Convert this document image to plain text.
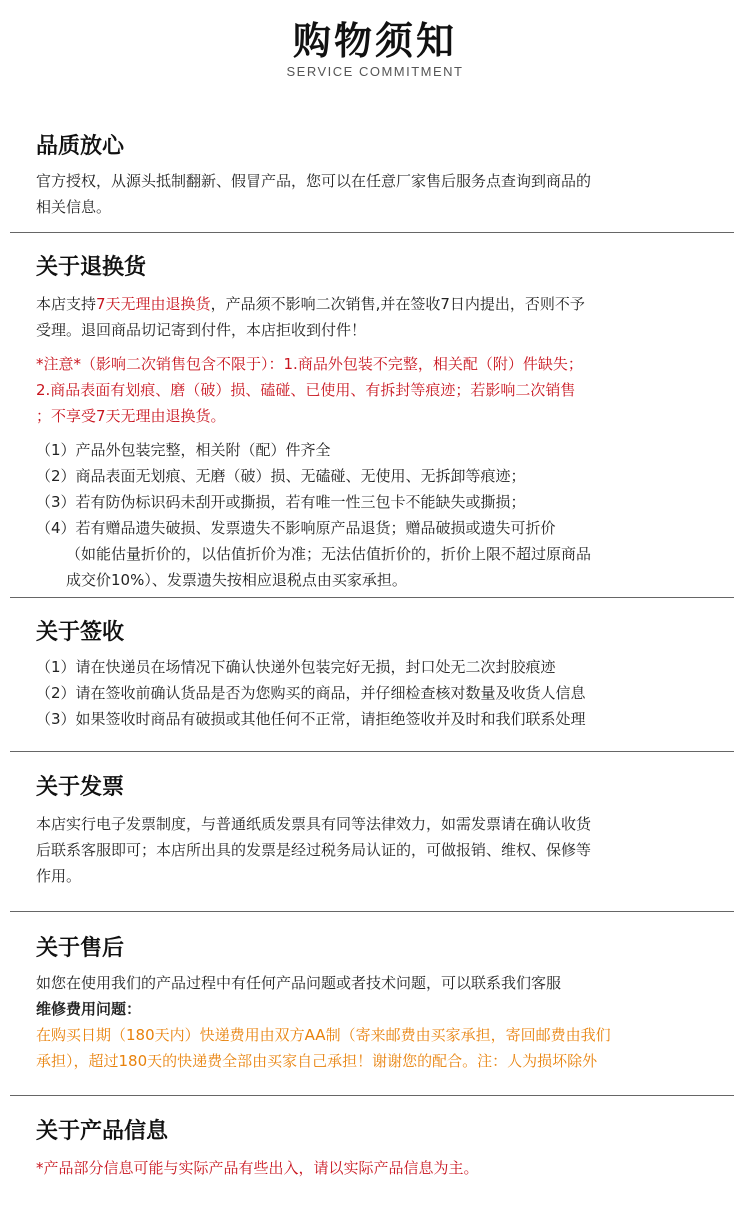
购物须知
SERVICE COMMITMENT
品质放心

官方授权，从源头抵制翻新、假冒产品，您可以在任意厂家售后服务点查询到商品的

相关信息。

关于退换货

本店支持7天无理由退换货，产品须不影响二次销售,并在签收7日内提出，否则不予

受理。退回商品切记寄到付件，本店拒收到付件！

*注意*（影响二次销售包含不限于）：1.商品外包装不完整，相关配（附）件缺失；

2.商品表面有划痕、磨（破）损、磕碰、已使用、有拆封等痕迹；若影响二次销售

；不享受7天无理由退换货。

（1）产品外包装完整，相关附（配）件齐全

（2）商品表面无划痕、无磨（破）损、无磕碰、无使用、无拆卸等痕迹；

（3）若有防伪标识码未刮开或撕损，若有唯一性三包卡不能缺失或撕损；

（4）若有赠品遗失破损、发票遗失不影响原产品退货；赠品破损或遗失可折价

（如能估量折价的，以估值折价为准；无法估值折价的，折价上限不超过原商品

成交价10%）、发票遗失按相应退税点由买家承担。

关于签收

（1）请在快递员在场情况下确认快递外包装完好无损，封口处无二次封胶痕迹

（2）请在签收前确认货品是否为您购买的商品，并仔细检查核对数量及收货人信息

（3）如果签收时商品有破损或其他任何不正常，请拒绝签收并及时和我们联系处理

关于发票

本店实行电子发票制度，与普通纸质发票具有同等法律效力，如需发票请在确认收货

后联系客服即可；本店所出具的发票是经过税务局认证的，可做报销、维权、保修等

作用。

关于售后

如您在使用我们的产品过程中有任何产品问题或者技术问题，可以联系我们客服

维修费用问题：

在购买日期（180天内）快递费用由双方AA制（寄来邮费由买家承担，寄回邮费由我们

承担），超过180天的快递费全部由买家自己承担！谢谢您的配合。注：人为损坏除外

关于产品信息

*产品部分信息可能与实际产品有些出入，请以实际产品信息为主。
